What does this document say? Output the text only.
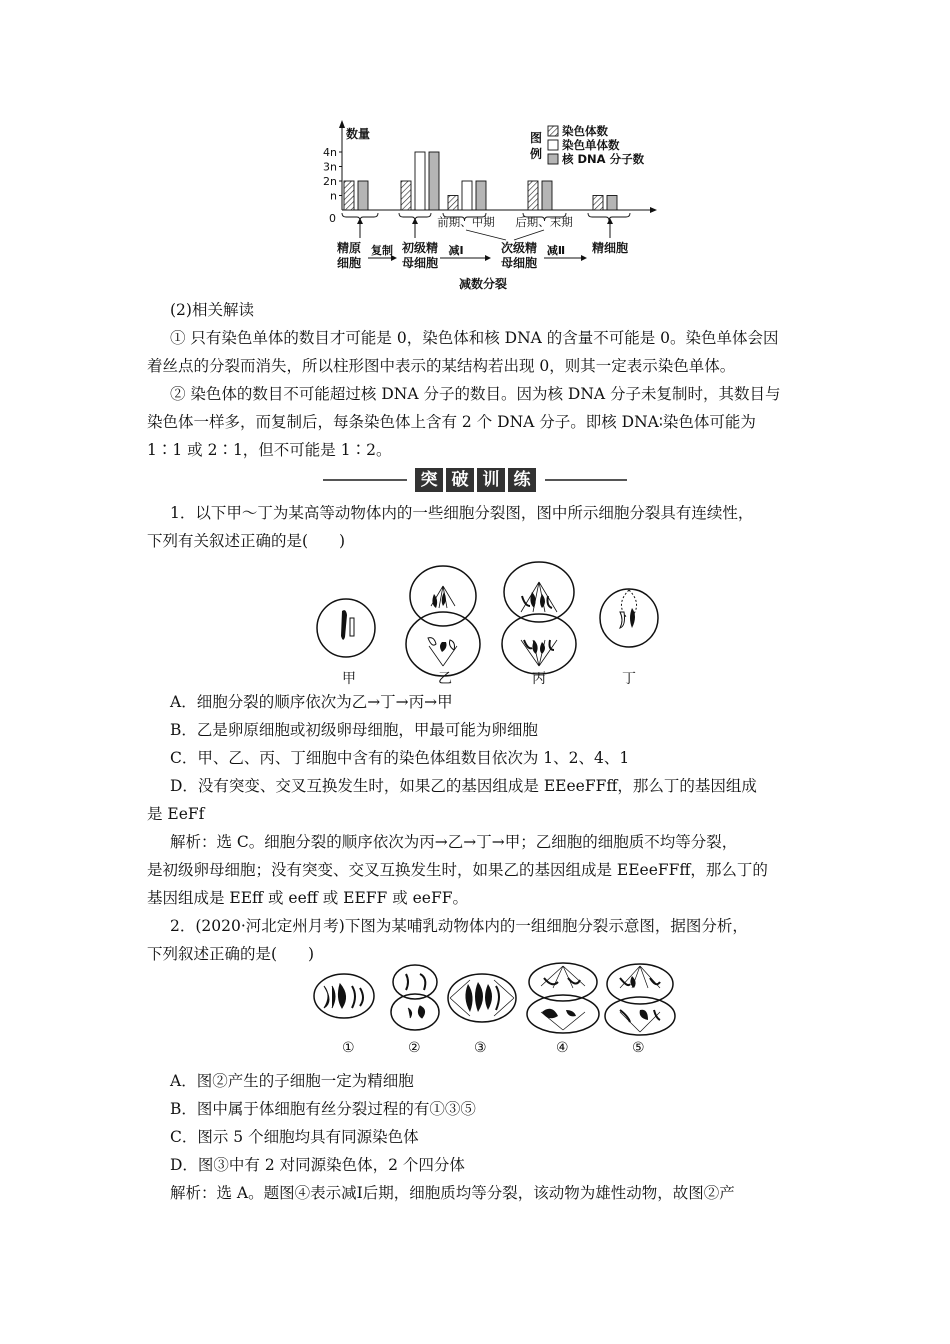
数量
4n
3n
2n
n
0	前期、中期 后期、末期
精原
细胞
初级精
母细胞
次级精
母细胞
精细胞
复制	减Ⅰ	减Ⅱ
减数分裂
图
例
染色体数
染色单体数
核 DNA 分子数
(2)相关解读
① 只有染色单体的数目才可能是 0，染色体和核 DNA 的含量不可能是 0。染色单体会因
着丝点的分裂而消失，所以柱形图中表示的某结构若出现 0，则其一定表示染色单体。
② 染色体的数目不可能超过核 DNA 分子的数目。因为核 DNA 分子未复制时，其数目与
染色体一样多，而复制后，每条染色体上含有 2 个 DNA 分子。即核 DNA∶染色体可能为
1∶1 或 2∶1，但不可能是 1∶2。
突 破 训 练
1．以下甲～丁为某高等动物体内的一些细胞分裂图，图中所示细胞分裂具有连续性，
下列有关叙述正确的是(　　)
甲	乙	丙	丁
A．细胞分裂的顺序依次为乙→丁→丙→甲
B．乙是卵原细胞或初级卵母细胞，甲最可能为卵细胞
C．甲、乙、丙、丁细胞中含有的染色体组数目依次为 1、2、4、1
D．没有突变、交叉互换发生时，如果乙的基因组成是 EEeeFFff，那么丁的基因组成
是 EeFf
解析：选 C。细胞分裂的顺序依次为丙→乙→丁→甲；乙细胞的细胞质不均等分裂，
是初级卵母细胞；没有突变、交叉互换发生时，如果乙的基因组成是 EEeeFFff，那么丁的
基因组成是 EEff 或 eeff 或 EEFF 或 eeFF。
2．(2020·河北定州月考)下图为某哺乳动物体内的一组细胞分裂示意图，据图分析，
下列叙述正确的是(　　)
①	②	③	④	⑤
A．图②产生的子细胞一定为精细胞
B．图中属于体细胞有丝分裂过程的有①③⑤
C．图示 5 个细胞均具有同源染色体
D．图③中有 2 对同源染色体，2 个四分体
解析：选 A。题图④表示减Ⅰ后期，细胞质均等分裂，该动物为雄性动物，故图②产
